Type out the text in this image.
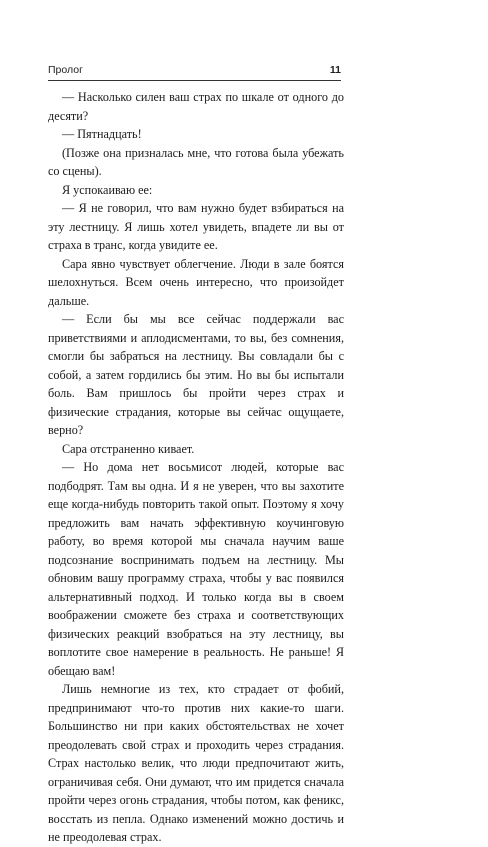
Пролог	11

— Насколько силен ваш страх по шкале от одного до десяти?

— Пятнадцать!

(Позже она призналась мне, что готова была убежать со сцены).

Я успокаиваю ее:

— Я не говорил, что вам нужно будет взбираться на эту лестницу. Я лишь хотел увидеть, впадете ли вы от страха в транс, когда увидите ее.

Сара явно чувствует облегчение. Люди в зале боятся шелохнуться. Всем очень интересно, что произойдет дальше.

— Если бы мы все сейчас поддержали вас приветствиями и аплодисментами, то вы, без сомнения, смогли бы забраться на лестницу. Вы совладали бы с собой, а затем гордились бы этим. Но вы бы испытали боль. Вам пришлось бы пройти через страх и физические страдания, которые вы сейчас ощущаете, верно?

Сара отстраненно кивает.

— Но дома нет восьмисот людей, которые вас подбодрят. Там вы одна. И я не уверен, что вы захотите еще когда-нибудь повторить такой опыт. Поэтому я хочу предложить вам начать эффективную коучинговую работу, во время которой мы сначала научим ваше подсознание воспринимать подъем на лестницу. Мы обновим вашу программу страха, чтобы у вас появился альтернативный подход. И только когда вы в своем воображении сможете без страха и соответствующих физических реакций взобраться на эту лестницу, вы воплотите свое намерение в реальность. Не раньше! Я обещаю вам!

Лишь немногие из тех, кто страдает от фобий, предпринимают что-то против них какие-то шаги. Большинство ни при каких обстоятельствах не хочет преодолевать свой страх и проходить через страдания. Страх настолько велик, что люди предпочитают жить, ограничивая себя. Они думают, что им придется сначала пройти через огонь страдания, чтобы потом, как феникс, восстать из пепла. Однако изменений можно достичь и не преодолевая страх.
